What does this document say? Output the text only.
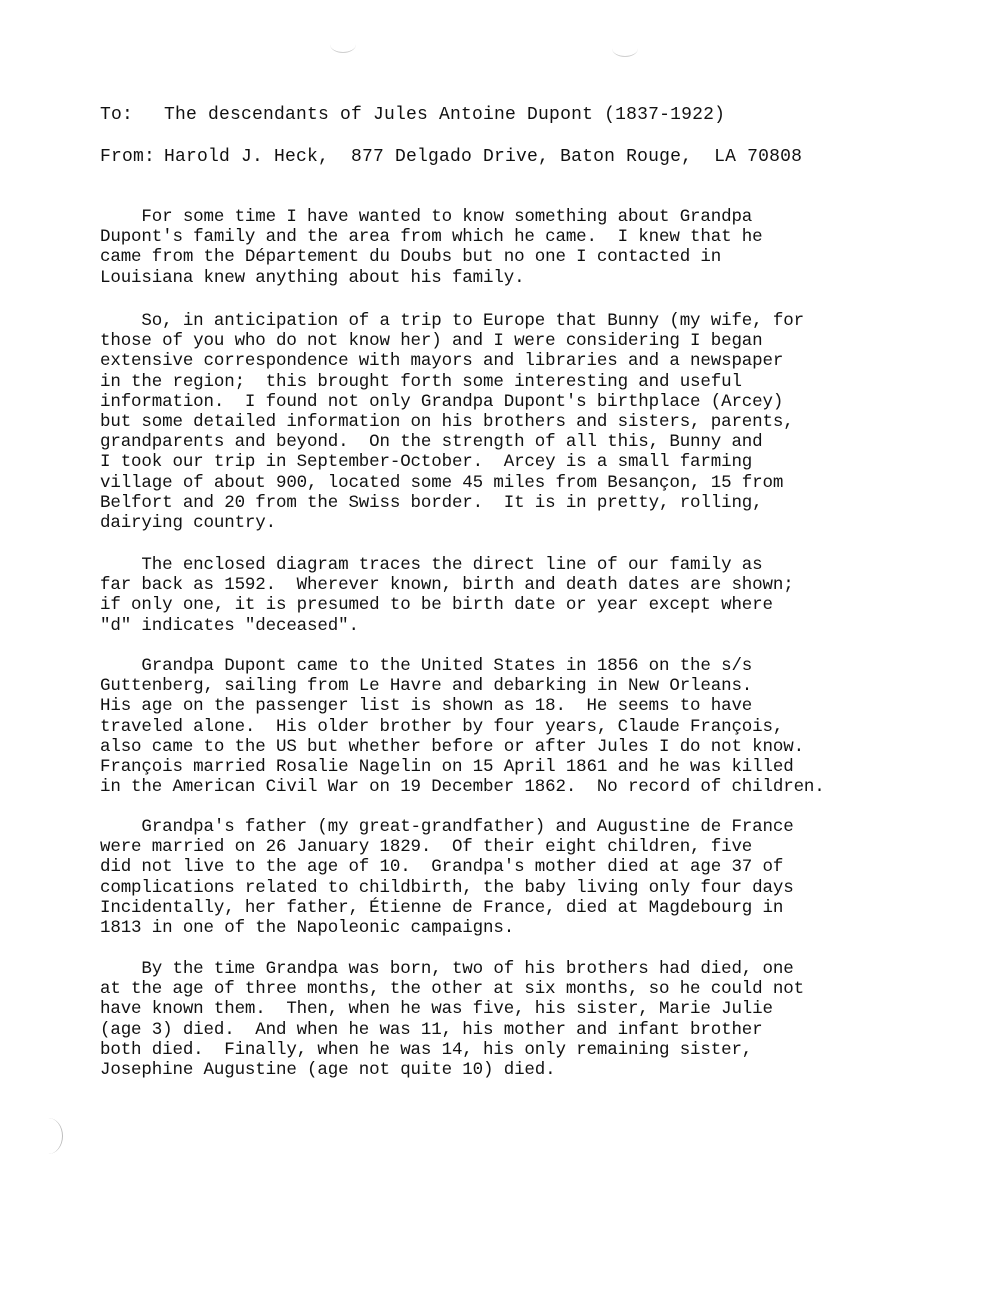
To: The descendants of Jules Antoine Dupont (1837-1922)
From: Harold J. Heck,  877 Delgado Drive, Baton Rouge,  LA 70808
For some time I have wanted to know something about Grandpa
Dupont's family and the area from which he came.  I knew that he
came from the Département du Doubs but no one I contacted in
Louisiana knew anything about his family.
So, in anticipation of a trip to Europe that Bunny (my wife, for
those of you who do not know her) and I were considering I began
extensive correspondence with mayors and libraries and a newspaper
in the region;  this brought forth some interesting and useful
information.  I found not only Grandpa Dupont's birthplace (Arcey)
but some detailed information on his brothers and sisters, parents,
grandparents and beyond.  On the strength of all this, Bunny and
I took our trip in September-October.  Arcey is a small farming
village of about 900, located some 45 miles from Besançon, 15 from
Belfort and 20 from the Swiss border.  It is in pretty, rolling,
dairying country.
The enclosed diagram traces the direct line of our family as
far back as 1592.  Wherever known, birth and death dates are shown;
if only one, it is presumed to be birth date or year except where
"d" indicates "deceased".
Grandpa Dupont came to the United States in 1856 on the s/s
Guttenberg, sailing from Le Havre and debarking in New Orleans.
His age on the passenger list is shown as 18.  He seems to have
traveled alone.  His older brother by four years, Claude François,
also came to the US but whether before or after Jules I do not know.
François married Rosalie Nagelin on 15 April 1861 and he was killed
in the American Civil War on 19 December 1862.  No record of children.
Grandpa's father (my great-grandfather) and Augustine de France
were married on 26 January 1829.  Of their eight children, five
did not live to the age of 10.  Grandpa's mother died at age 37 of
complications related to childbirth, the baby living only four days
Incidentally, her father, Étienne de France, died at Magdebourg in
1813 in one of the Napoleonic campaigns.
By the time Grandpa was born, two of his brothers had died, one
at the age of three months, the other at six months, so he could not
have known them.  Then, when he was five, his sister, Marie Julie
(age 3) died.  And when he was 11, his mother and infant brother
both died.  Finally, when he was 14, his only remaining sister,
Josephine Augustine (age not quite 10) died.
